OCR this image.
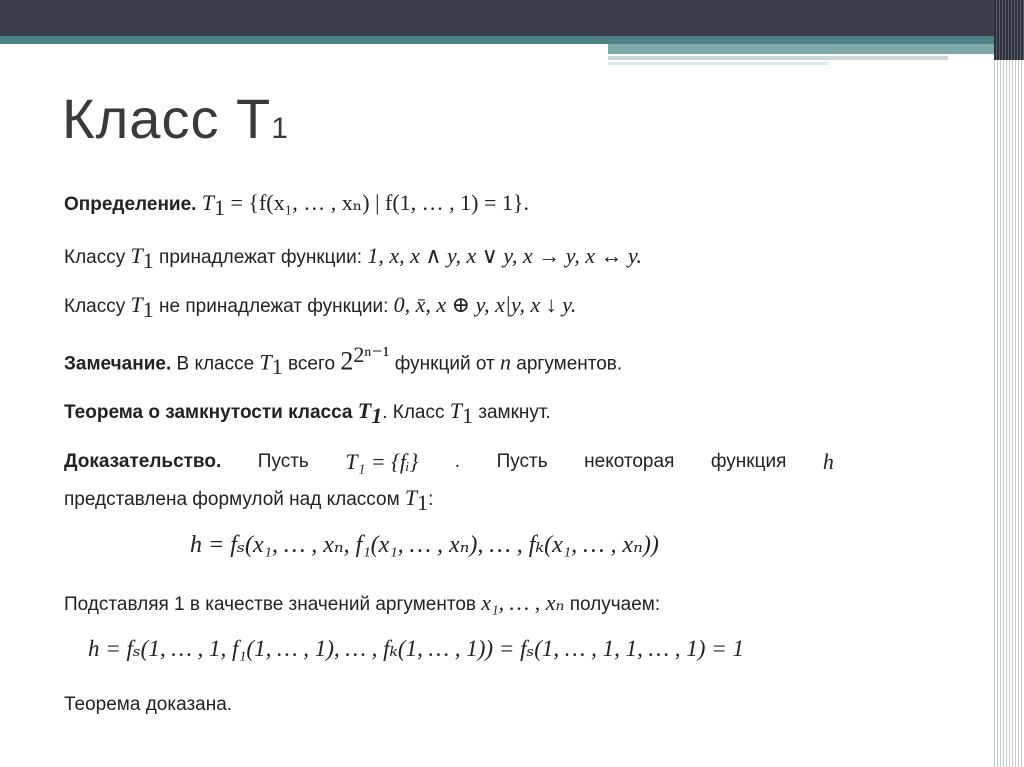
Класс T1
Определение. $T_1 = \{f(x_1$, … , xₙ) | f(1, … , 1) = 1}.
Классу $T_1$ принадлежат функции: 1, x, x ∧ y, x ∨ y, x → y, x ↔ y.
Классу $T_1$ не принадлежат функции: 0, x̄, x ⊕ y, x|y, x ↓ y.
Замечание. В классе $T_1$ всего $2^{2^{n-1}}$ функций от n аргументов.
Теорема о замкнутости класса $T_1$. Класс $T_1$ замкнут.
Доказательство. Пусть T₁ = {fᵢ} . Пусть некоторая функция h
представлена формулой над классом $T_1$:
h = fₛ(x₁, … , xₙ, f₁(x₁, … , xₙ), … , fₖ(x₁, … , xₙ))
Подставляя 1 в качестве значений аргументов x₁, … , xₙ получаем:
h = fₛ(1, … , 1, f₁(1, … , 1), … , fₖ(1, … , 1)) = fₛ(1, … , 1, 1, … , 1) = 1
Теорема доказана.
